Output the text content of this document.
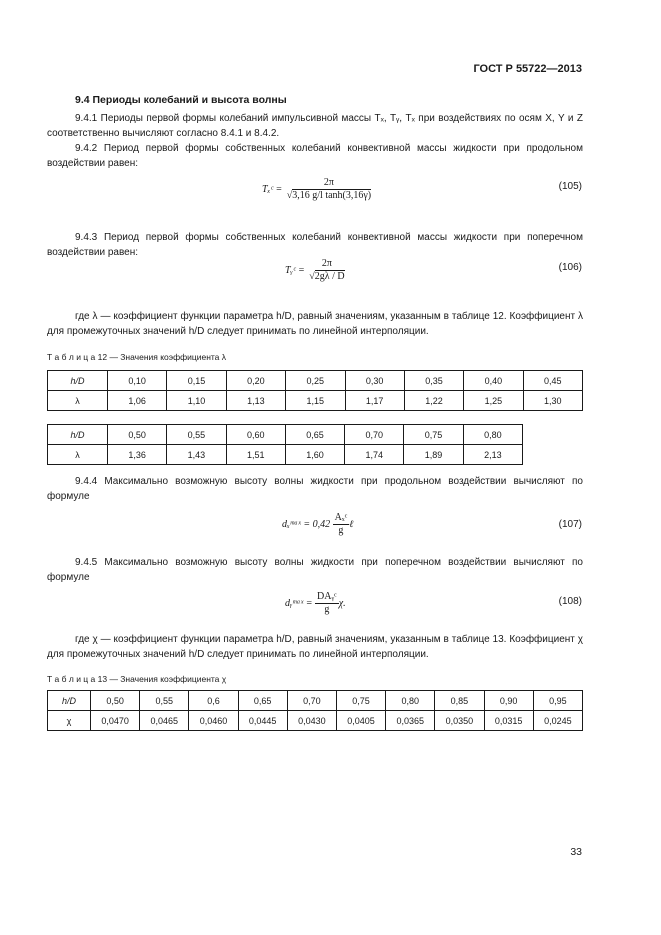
ГОСТ Р 55722—2013
9.4 Периоды колебаний и высота волны
9.4.1 Периоды первой формы колебаний импульсивной массы Tₓ, Tᵧ, Tₓ при воздействиях по осям X, Y и Z соответственно вычисляют согласно 8.4.1 и 8.4.2.
9.4.2 Период первой формы собственных колебаний конвективной массы жидкости при продольном воздействии равен:
Tₓᶜ = $\frac{2\pi}{\text{√3,16 g/l tanh(3,16γ)}}$	(105)
9.4.3 Период первой формы собственных колебаний конвективной массы жидкости при поперечном воздействии равен:
Tᵧᶜ = $\frac{2\pi}{√2g\lambda / D}$	(106)
где λ — коэффициент функции параметра h/D, равный значениям, указанным в таблице 12. Коэффициент λ для промежуточных значений h/D следует принимать по линейной интерполяции.
Т а б л и ц а 12 — Значения коэффициента λ
h/D	0,10	0,15	0,20	0,25	0,30	0,35	0,40	0,45
λ	1,06	1,10	1,13	1,15	1,17	1,22	1,25	1,30
h/D	0,50	0,55	0,60	0,65	0,70	0,75	0,80
λ	1,36	1,43	1,51	1,60	1,74	1,89	2,13
9.4.4 Максимально возможную высоту волны жидкости при продольном воздействии вычисляют по формуле
dₓᵐᵃˣ = $0,42 \frac{\text{Aₓᶜ}}{g}$ ℓ	(107)
9.4.5 Максимально возможную высоту волны жидкости при поперечном воздействии вычисляют по формуле
dᵧᵐᵃˣ = $\frac{\text{DAᵧᶜ}}{g} \chi$.	(108)
где χ — коэффициент функции параметра h/D, равный значениям, указанным в таблице 13. Коэффициент χ для промежуточных значений h/D следует принимать по линейной интерполяции.
Т а б л и ц а 13 — Значения коэффициента χ
h/D	0,50	0,55	0,6	0,65	0,70	0,75	0,80	0,85	0,90	0,95
χ	0,0470	0,0465	0,0460	0,0445	0,0430	0,0405	0,0365	0,0350	0,0315	0,0245
33
